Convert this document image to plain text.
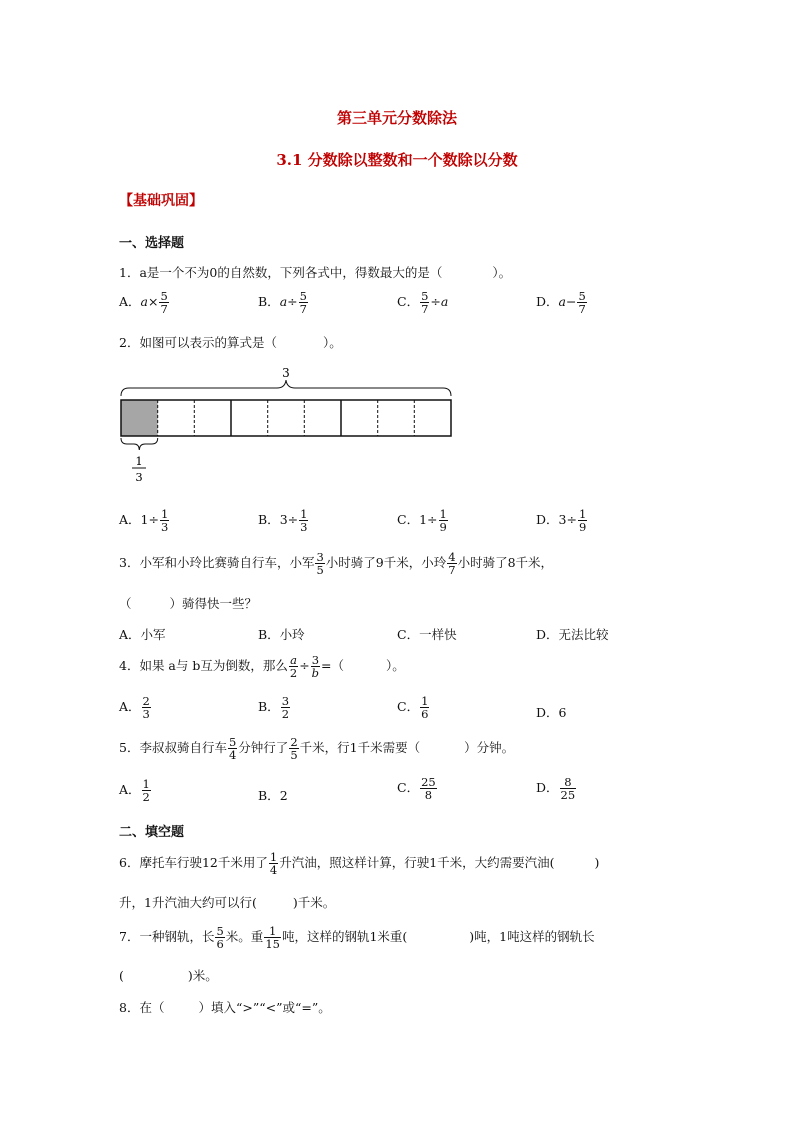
第三单元分数除法
3.1 分数除以整数和一个数除以分数
【基础巩固】
一、选择题
1．a是一个不为0的自然数，下列各式中，得数最大的是（	）。
A．$a\times \frac{5}{7}$	B．$a\div \frac{5}{7}$	C． $\frac{5}{7} \div a$	D．$a- \frac{5}{7}$
2．如图可以表示的算式是（	）。
3
1
3
A．$1\div \frac{1}{3}$	B．$3\div \frac{1}{3}$	C．$1\div \frac{1}{9}$	D．$3\div \frac{1}{9}$
3．小军和小玲比赛骑自行车，小军 $\frac{3}{5}$ 小时骑了9千米，小玲 $\frac{4}{7}$ 小时骑了8千米，
（	）骑得快一些？
A．小军	B．小玲	C．一样快	D．无法比较
4．如果 a与 b互为倒数，那么 $\frac{a}{2} \div \frac{3}{b}$ =（	）。
A． $\frac{2}{3}$	B． $\frac{3}{2}$	C． $\frac{1}{6}$	D．6
5．李叔叔骑自行车 $\frac{5}{4}$ 分钟行了 $\frac{2}{5}$ 千米，行1千米需要（	）分钟。
A． $\frac{1}{2}$	B．2
C． $\frac{25}{8}$	D． $\frac{8}{25}$
二、填空题
6．摩托车行驶12千米用了 $\frac{1}{4}$ 升汽油，照这样计算，行驶1千米，大约需要汽油(	)
升，1升汽油大约可以行(	)千米。
7．一种钢轨，长 $\frac{5}{6}$ 米。重 $\frac{1}{15}$ 吨，这样的钢轨1米重(	)吨，1吨这样的钢轨长
(	)米。
8．在（	）填入“>”“<”或“=”。
